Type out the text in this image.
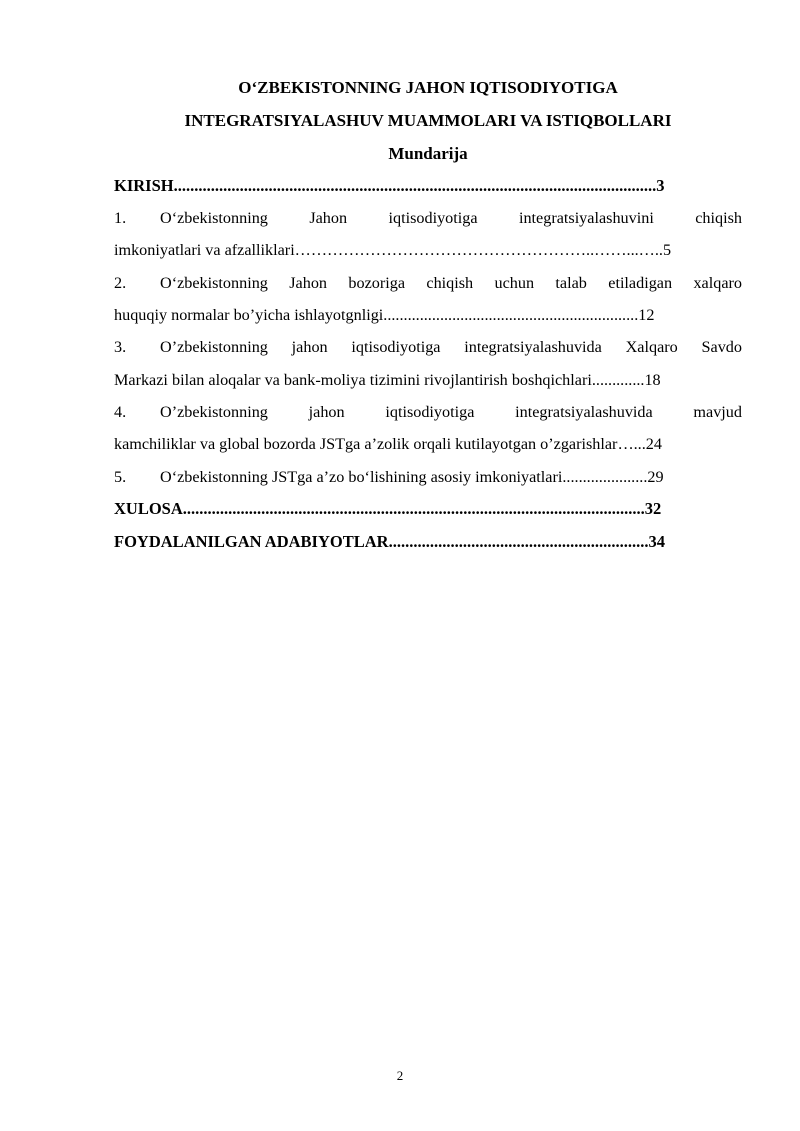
O‘ZBEKISTONNING JAHON IQTISODIYOTIGA
INTEGRATSIYALASHUV MUAMMOLARI VA ISTIQBOLLARI
Mundarija
KIRISH.....................................................................................................................3
1. O‘zbekistonning Jahon iqtisodiyotiga integratsiyalashuvini chiqish
imkoniyatlari va afzalliklari………………………………………………..……...…..5
2. O‘zbekistonning Jahon bozoriga chiqish uchun talab etiladigan xalqaro
huquqiy normalar bo’yicha ishlayotgnligi...............................................................12
3. O’zbekistonning jahon iqtisodiyotiga integratsiyalashuvida Xalqaro Savdo
Markazi bilan aloqalar va bank-moliya tizimini rivojlantirish boshqichlari.............18
4. O’zbekistonning jahon iqtisodiyotiga integratsiyalashuvida mavjud
kamchiliklar va global bozorda JSTga a’zolik orqali kutilayotgan o’zgarishlar…...24
5. O‘zbekistonning JSTga a’zo bo‘lishining asosiy imkoniyatlari.....................29
XULOSA................................................................................................................32
FOYDALANILGAN ADABIYOTLAR...............................................................34
2
